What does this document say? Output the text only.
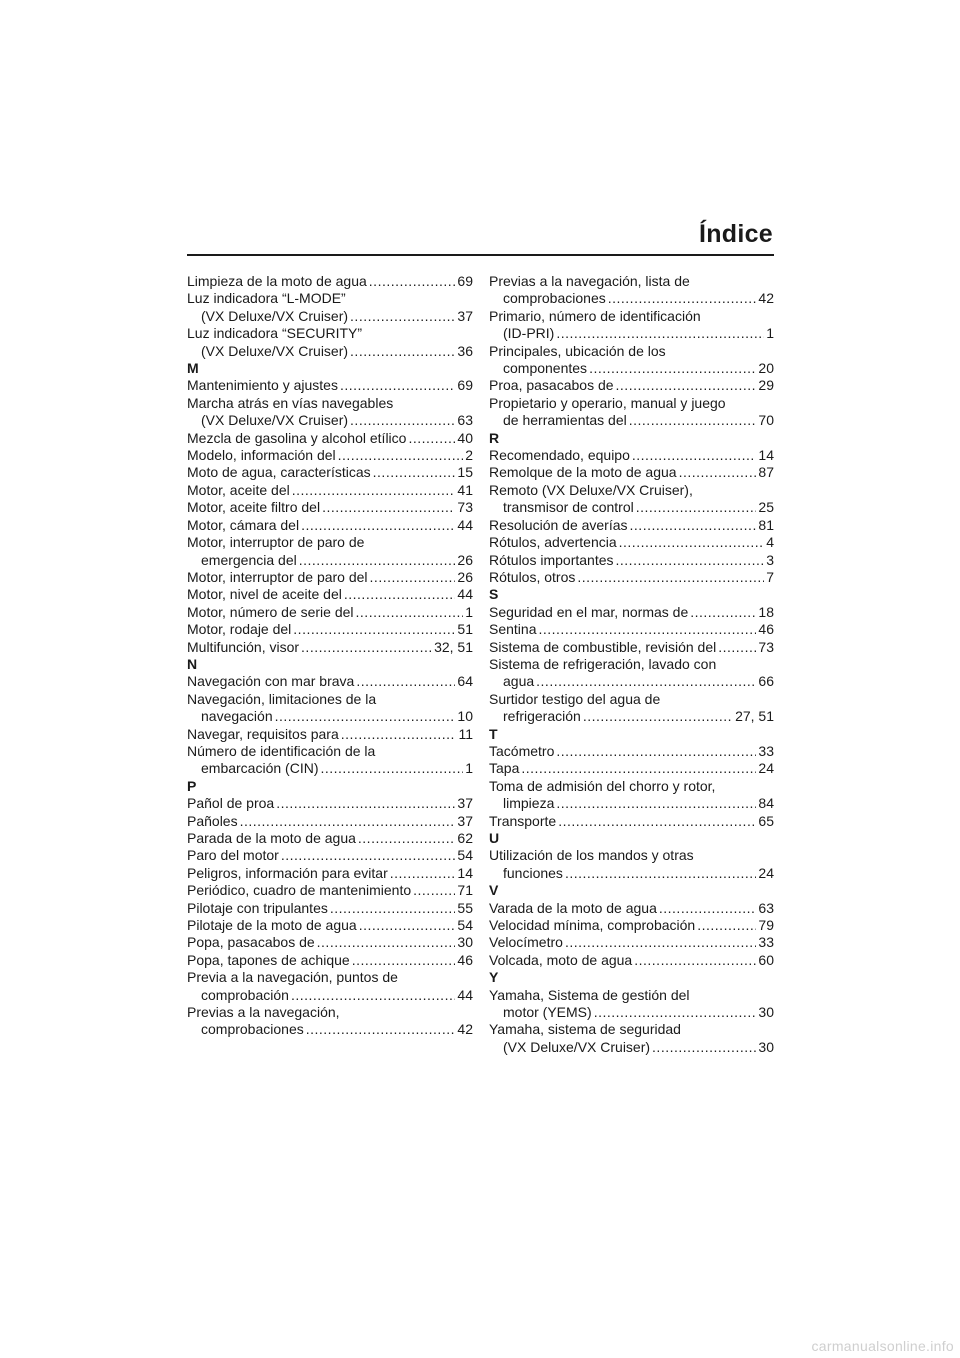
Índice
Limpieza de la moto de agua .....	69
Luz indicadora “L-MODE”
(VX Deluxe/VX Cruiser) .....	37
Luz indicadora “SECURITY”
(VX Deluxe/VX Cruiser) .....	36
M
Mantenimiento y ajustes .....	69
Marcha atrás en vías navegables
(VX Deluxe/VX Cruiser) .....	63
Mezcla de gasolina y alcohol etílico .....	40
Modelo, información del .....	2
Moto de agua, características .....	15
Motor, aceite del .....	41
Motor, aceite filtro del .....	73
Motor, cámara del .....	44
Motor, interruptor de paro de
emergencia del .....	26
Motor, interruptor de paro del .....	26
Motor, nivel de aceite del .....	44
Motor, número de serie del .....	1
Motor, rodaje del .....	51
Multifunción, visor .....	32, 51
N
Navegación con mar brava .....	64
Navegación, limitaciones de la
navegación .....	10
Navegar, requisitos para .....	11
Número de identificación de la
embarcación (CIN) .....	1
P
Pañol de proa .....	37
Pañoles .....	37
Parada de la moto de agua .....	62
Paro del motor .....	54
Peligros, información para evitar .....	14
Periódico, cuadro de mantenimiento .....	71
Pilotaje con tripulantes .....	55
Pilotaje de la moto de agua .....	54
Popa, pasacabos de .....	30
Popa, tapones de achique .....	46
Previa a la navegación, puntos de
comprobación .....	44
Previas a la navegación,
comprobaciones .....	42
Previas a la navegación, lista de
comprobaciones .....	42
Primario, número de identificación
(ID-PRI) .....	1
Principales, ubicación de los
componentes .....	20
Proa, pasacabos de .....	29
Propietario y operario, manual y juego
de herramientas del .....	70
R
Recomendado, equipo .....	14
Remolque de la moto de agua .....	87
Remoto (VX Deluxe/VX Cruiser),
transmisor de control .....	25
Resolución de averías .....	81
Rótulos, advertencia .....	4
Rótulos importantes .....	3
Rótulos, otros .....	7
S
Seguridad en el mar, normas de .....	18
Sentina .....	46
Sistema de combustible, revisión del .....	73
Sistema de refrigeración, lavado con
agua .....	66
Surtidor testigo del agua de
refrigeración .....	27, 51
T
Tacómetro .....	33
Tapa .....	24
Toma de admisión del chorro y rotor,
limpieza .....	84
Transporte .....	65
U
Utilización de los mandos y otras
funciones .....	24
V
Varada de la moto de agua .....	63
Velocidad mínima, comprobación .....	79
Velocímetro .....	33
Volcada, moto de agua .....	60
Y
Yamaha, Sistema de gestión del
motor (YEMS) .....	30
Yamaha, sistema de seguridad
(VX Deluxe/VX Cruiser) .....	30
carmanualsonline.info
